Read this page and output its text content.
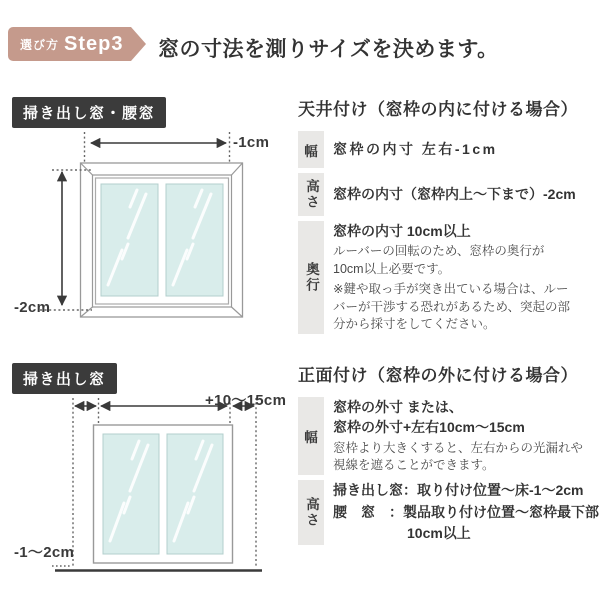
選び方 Step3 窓の寸法を測りサイズを決めます。
掃き出し窓・腰窓
掃き出し窓
-1cm
-2cm
+10〜15cm
-1〜2cm
天井付け（窓枠の内に付ける場合）
幅	窓枠の内寸 左右-1cm
高さ	窓枠の内寸（窓枠内上〜下まで）-2cm
奥行
窓枠の内寸 10cm以上
ルーバーの回転のため、窓枠の奥行が10cm以上必要です。
※鍵や取っ手が突き出ている場合は、ルーバーが干渉する恐れがあるため、突起の部分から採寸をしてください。
正面付け（窓枠の外に付ける場合）
幅
窓枠の外寸 または、
窓枠の外寸+左右10cm〜15cm
窓枠より大きくすると、左右からの光漏れや視線を遮ることができます。
高さ
掃き出し窓：取り付け位置〜床-1〜2cm
腰　窓　：製品取り付け位置〜窓枠最下部
10cm以上
